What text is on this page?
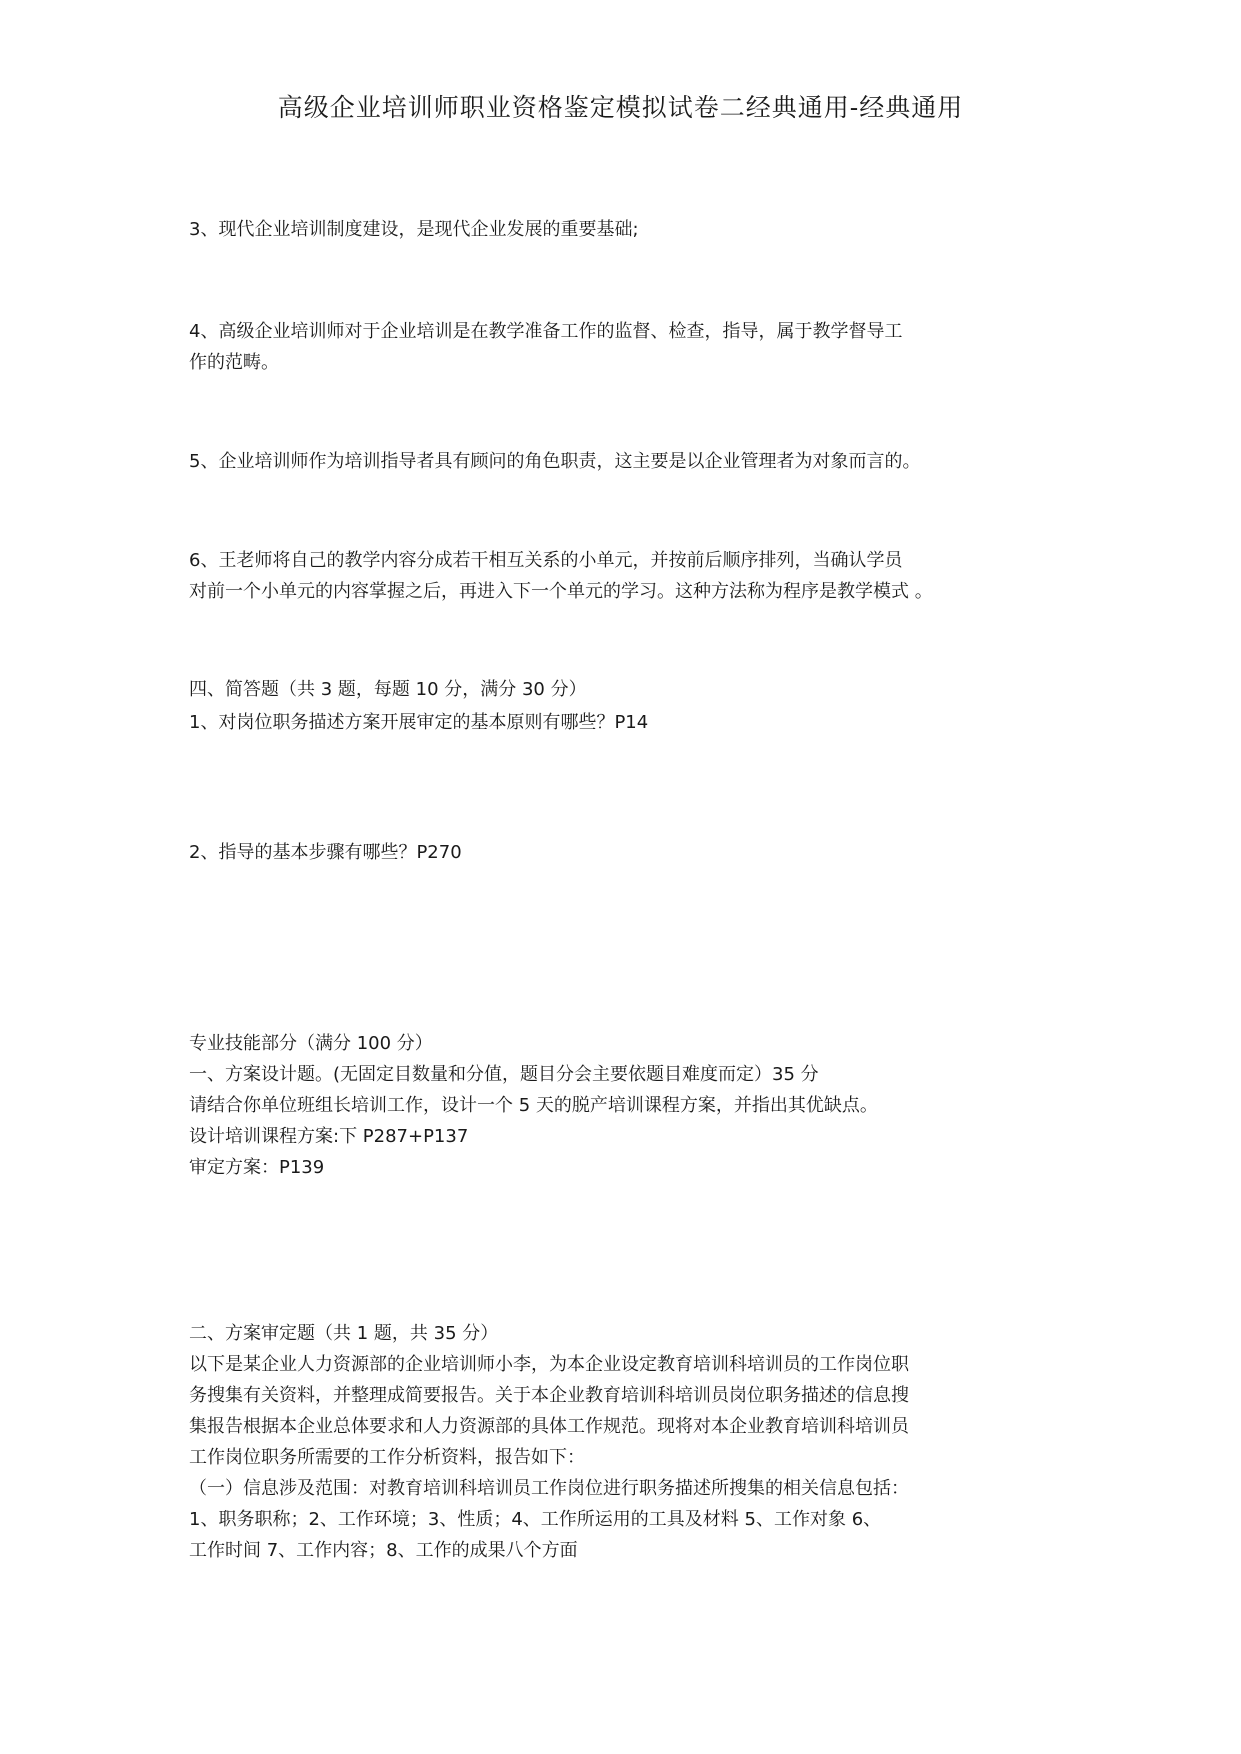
高级企业培训师职业资格鉴定模拟试卷二经典通用-经典通用
3、现代企业培训制度建设，是现代企业发展的重要基础;
4、高级企业培训师对于企业培训是在教学准备工作的监督、检查，指导，属于教学督导工
作的范畴。
5、企业培训师作为培训指导者具有顾问的角色职责，这主要是以企业管理者为对象而言的。
6、王老师将自己的教学内容分成若干相互关系的小单元，并按前后顺序排列，当确认学员
对前一个小单元的内容掌握之后，再进入下一个单元的学习。这种方法称为程序是教学模式 。
四、简答题（共 3 题，每题 10 分，满分 30 分）
1、对岗位职务描述方案开展审定的基本原则有哪些？P14
2、指导的基本步骤有哪些？P270
专业技能部分（满分 100 分）
一、方案设计题。(无固定目数量和分值，题目分会主要依题目难度而定）35 分
请结合你单位班组长培训工作，设计一个 5 天的脱产培训课程方案，并指出其优缺点。
设计培训课程方案:下 P287+P137
审定方案：P139
二、方案审定题（共 1 题，共 35 分）
以下是某企业人力资源部的企业培训师小李，为本企业设定教育培训科培训员的工作岗位职
务搜集有关资料，并整理成简要报告。关于本企业教育培训科培训员岗位职务描述的信息搜
集报告根据本企业总体要求和人力资源部的具体工作规范。现将对本企业教育培训科培训员
工作岗位职务所需要的工作分析资料，报告如下：
（一）信息涉及范围：对教育培训科培训员工作岗位进行职务描述所搜集的相关信息包括：
1、职务职称；2、工作环境；3、性质；4、工作所运用的工具及材料 5、工作对象 6、
工作时间 7、工作内容；8、工作的成果八个方面
